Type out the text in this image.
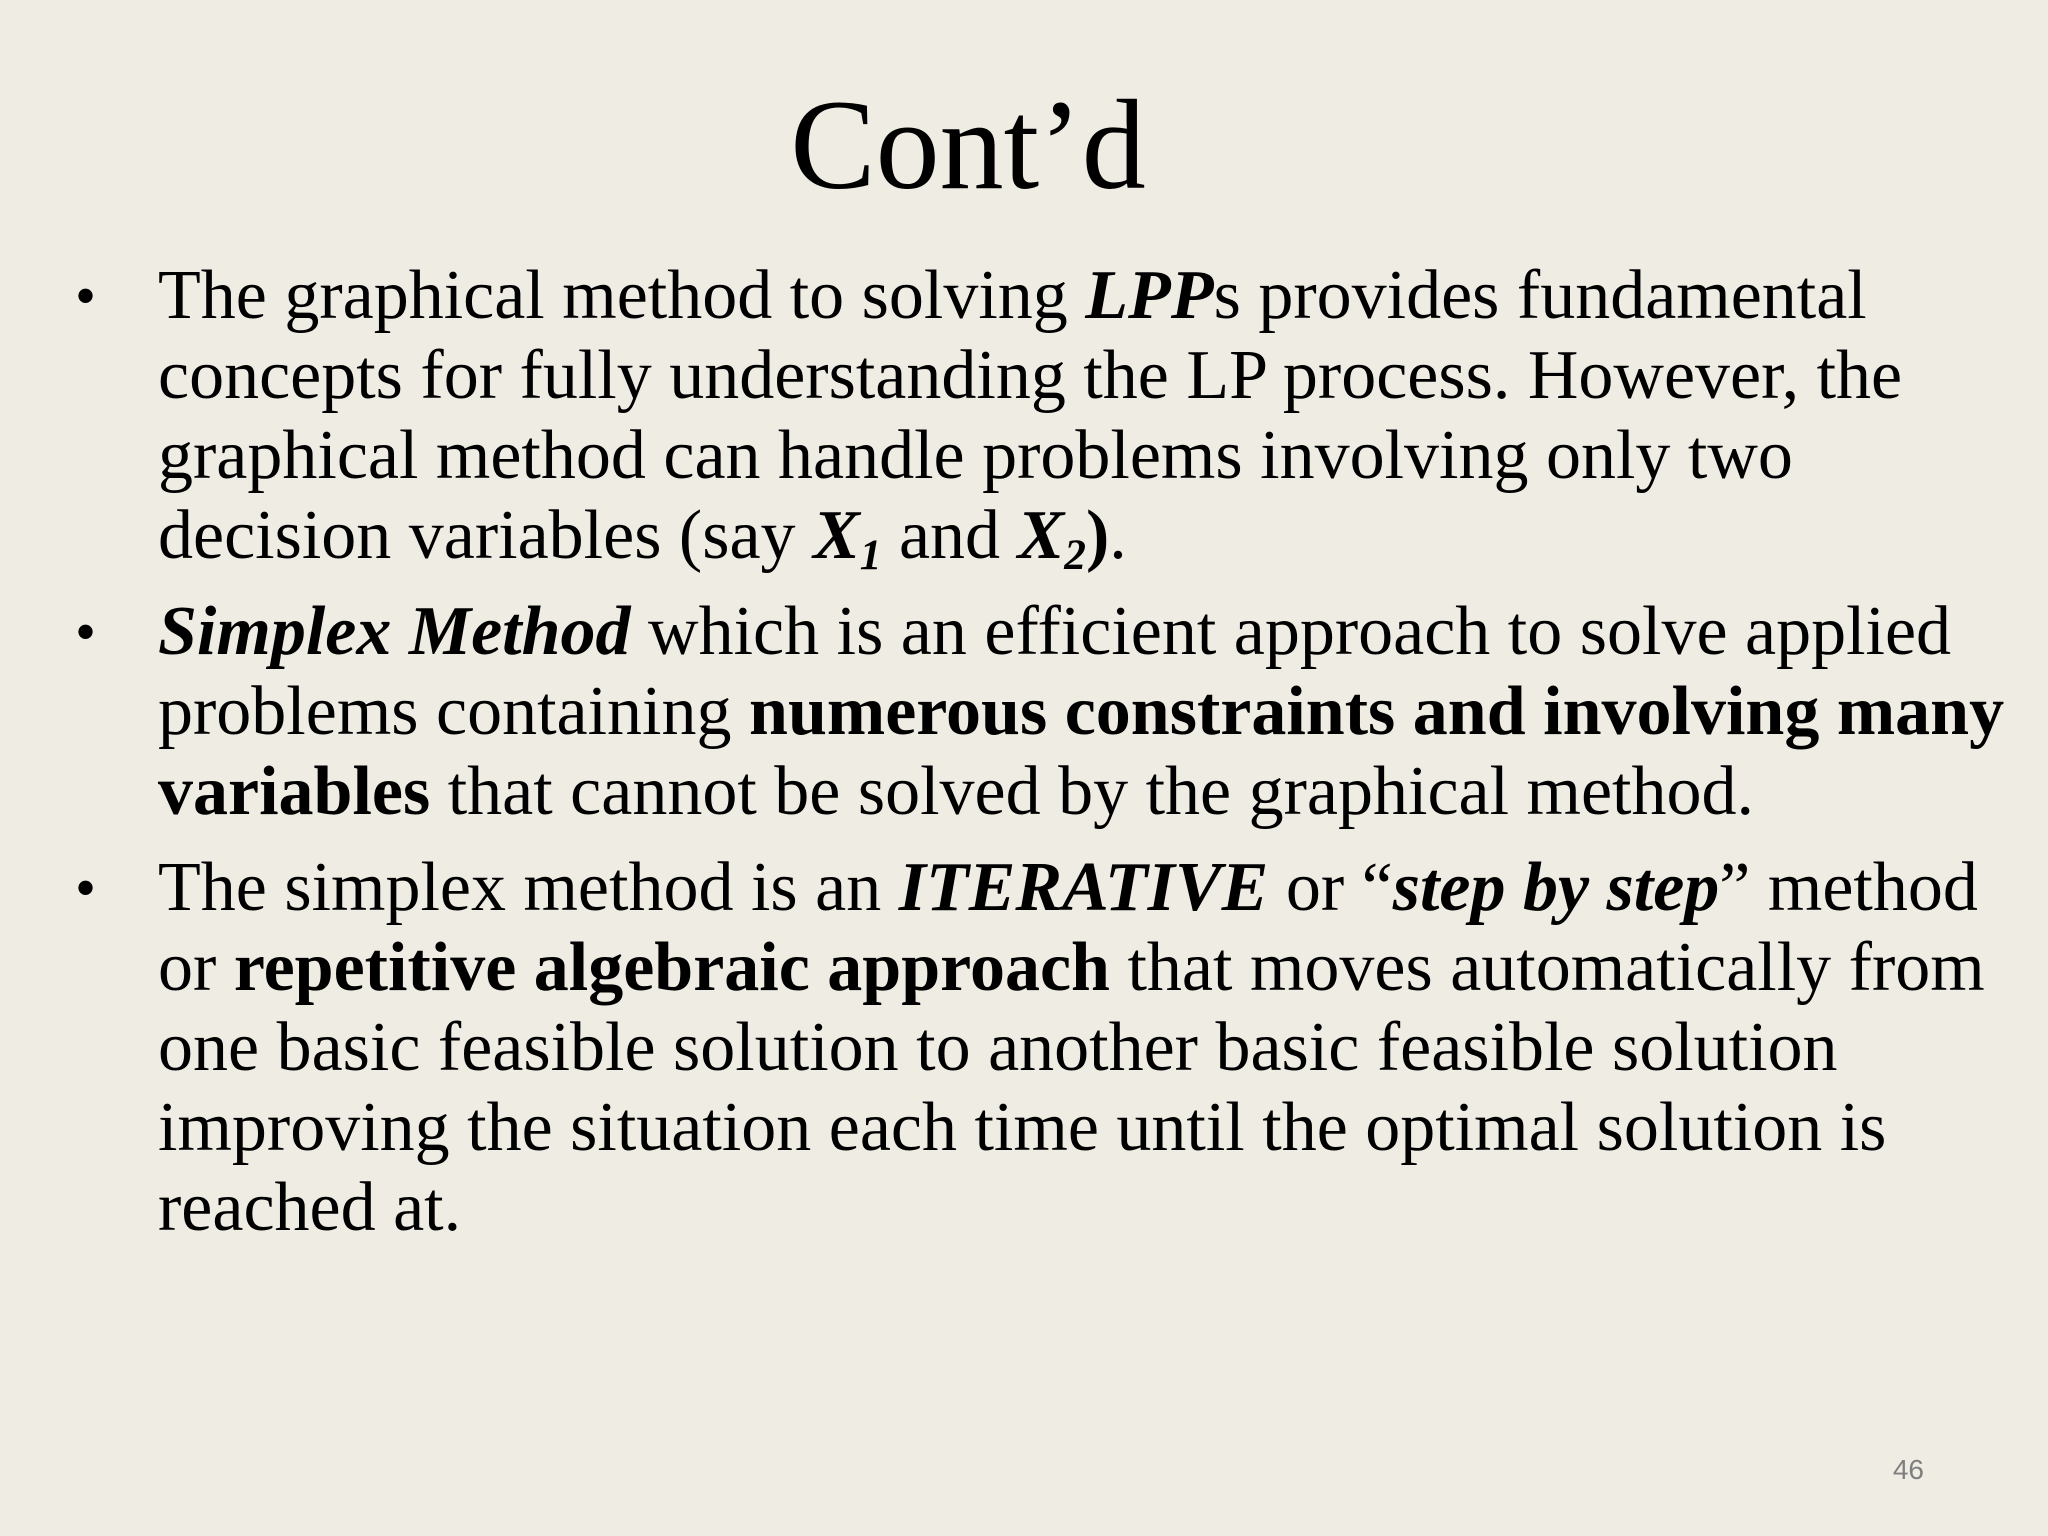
Cont’d
• The graphical method to solving LPPs provides fundamental concepts for fully understanding the LP process. However, the graphical method can handle problems involving only two decision variables (say $X_1$ and $X_2$).
• Simplex Method which is an efficient approach to solve applied problems containing numerous constraints and involving many variables that cannot be solved by the graphical method.
• The simplex method is an ITERATIVE or “step by step” method or repetitive algebraic approach that moves automatically from one basic feasible solution to another basic feasible solution improving the situation each time until the optimal solution is reached at.
46
